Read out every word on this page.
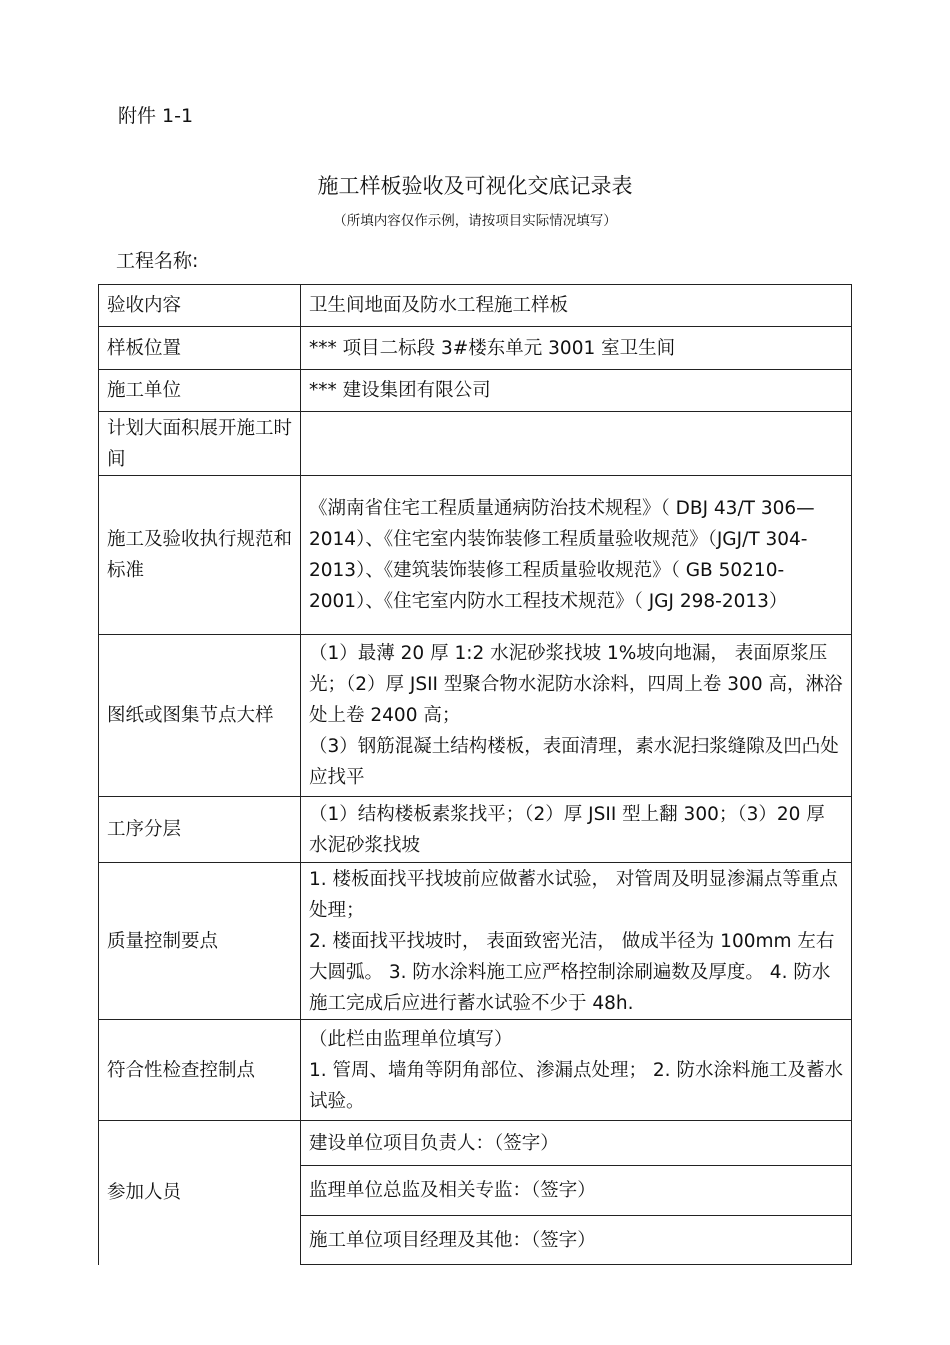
附件 1-1
施工样板验收及可视化交底记录表
（所填内容仅作示例，请按项目实际情况填写）
工程名称:
验收内容	卫生间地面及防水工程施工样板
样板位置	*** 项目二标段 3#楼东单元 3001 室卫生间
施工单位	*** 建设集团有限公司
计划大面积展开施工时间	
施工及验收执行规范和标准	《湖南省住宅工程质量通病防治技术规程》（ DBJ 43/T 306— 2014）、《住宅室内装饰装修工程质量验收规范》（JGJ/T 304-2013）、《建筑装饰装修工程质量验收规范》（ GB 50210-2001）、《住宅室内防水工程技术规范》（ JGJ 298-2013）
图纸或图集节点大样	（1）最薄 20 厚 1:2 水泥砂浆找坡 1%坡向地漏， 表面原浆压光；（2）厚 JSII 型聚合物水泥防水涂料，四周上卷 300 高，淋浴处上卷 2400 高；
（3）钢筋混凝土结构楼板，表面清理，素水泥扫浆缝隙及凹凸处应找平

工序分层	（1）结构楼板素浆找平；（2）厚 JSII 型上翻 300；（3）20 厚水泥砂浆找坡
质量控制要点	1. 楼板面找平找坡前应做蓄水试验， 对管周及明显渗漏点等重点处理；
2. 楼面找平找坡时， 表面致密光洁， 做成半径为 100mm 左右大圆弧。 3. 防水涂料施工应严格控制涂刷遍数及厚度。 4. 防水施工完成后应进行蓄水试验不少于 48h.

符合性检查控制点	（此栏由监理单位填写）
1. 管周、墙角等阴角部位、渗漏点处理； 2. 防水涂料施工及蓄水试验。

参加人员	建设单位项目负责人：（签字）
	监理单位总监及相关专监：（签字）
	施工单位项目经理及其他：（签字）
